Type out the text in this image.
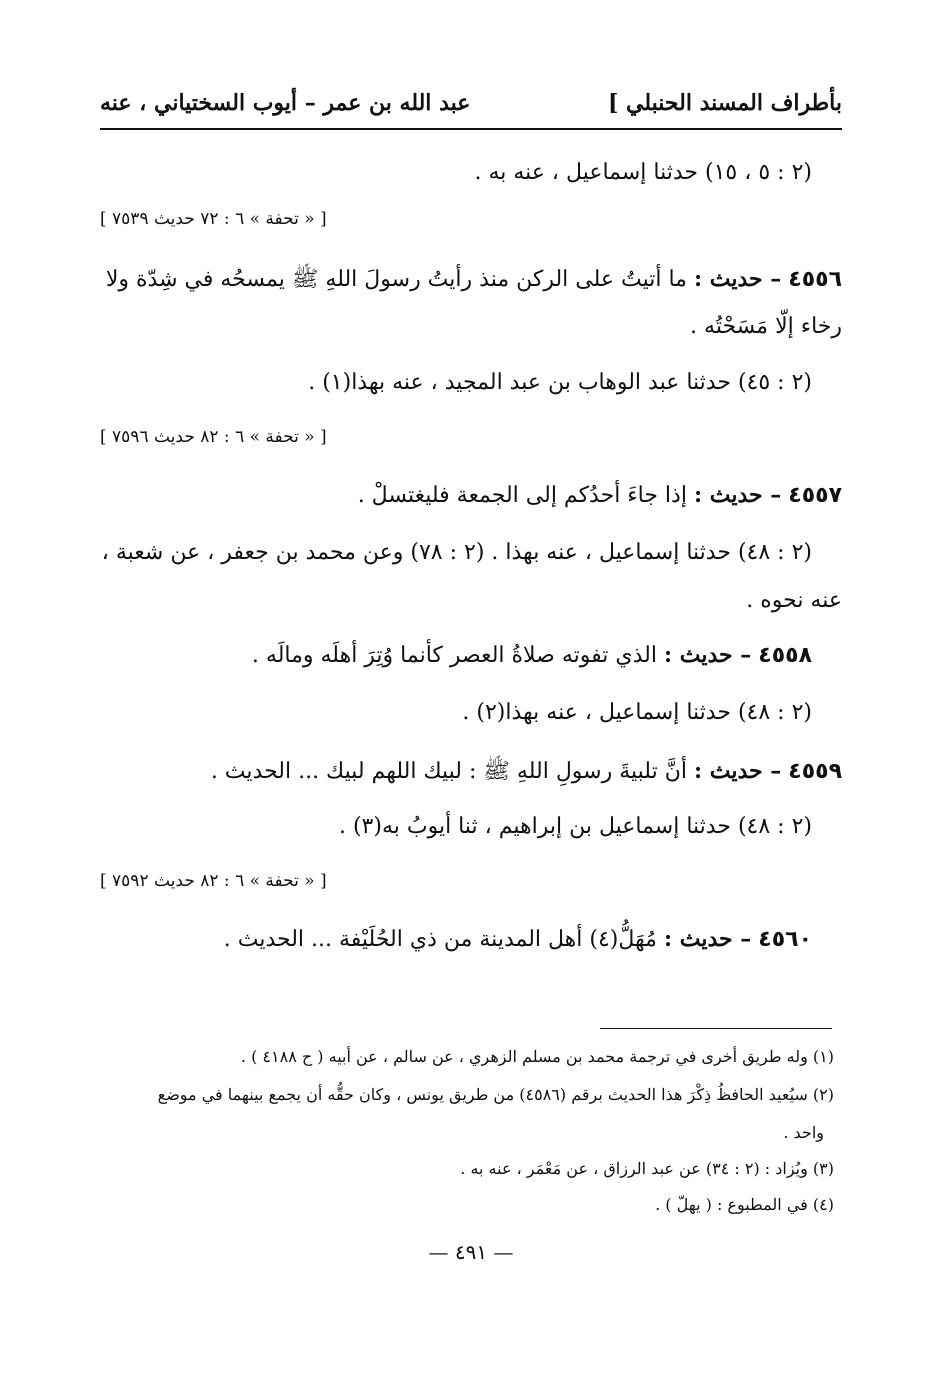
بأطراف المسند الحنبلي ]
عبد الله بن عمر – أيوب السختياني ، عنه
(٢ : ٥ ، ١٥) حدثنا إسماعيل ، عنه به .
[ « تحفة » ٦ : ٧٢ حديث ٧٥٣٩ ]
٤٥٥٦ – حديث : ما أتيتُ على الركن منذ رأيتُ رسولَ اللهِ ﷺ يمسحُه في شِدّة ولا
رخاء إلّا مَسَحْتُه .
(٢ : ٤٥) حدثنا عبد الوهاب بن عبد المجيد ، عنه بهذا(١) .
[ « تحفة » ٦ : ٨٢ حديث ٧٥٩٦ ]
٤٥٥٧ – حديث : إذا جاءَ أحدُكم إلى الجمعة فليغتسلْ .
(٢ : ٤٨) حدثنا إسماعيل ، عنه بهذا . (٢ : ٧٨) وعن محمد بن جعفر ، عن شعبة ،
عنه نحوه .
٤٥٥٨ – حديث : الذي تفوته صلاةُ العصر كأنما وُتِرَ أهلَه ومالَه .
(٢ : ٤٨) حدثنا إسماعيل ، عنه بهذا(٢) .
٤٥٥٩ – حديث : أنَّ تلبيةَ رسولِ اللهِ ﷺ : لبيك اللهم لبيك ... الحديث .
(٢ : ٤٨) حدثنا إسماعيل بن إبراهيم ، ثنا أيوبُ به(٣) .
[ « تحفة » ٦ : ٨٢ حديث ٧٥٩٢ ]
٤٥٦٠ – حديث : مُهَلُّ(٤) أهل المدينة من ذي الحُلَيْفة ... الحديث .
(١) وله طريق أخرى في ترجمة محمد بن مسلم الزهري ، عن سالم ، عن أبيه ( ح ٤١٨٨ ) .
(٢) سيُعيد الحافظُ ذِكْرَ هذا الحديث برقم (٤٥٨٦) من طريق يونس ، وكان حقُّه أن يجمع بينهما في موضع
واحد .
(٣) ويُزاد : (٢ : ٣٤) عن عبد الرزاق ، عن مَعْمَر ، عنه به .
(٤) في المطبوع : ( يهلّ ) .
— ٤٩١ —
